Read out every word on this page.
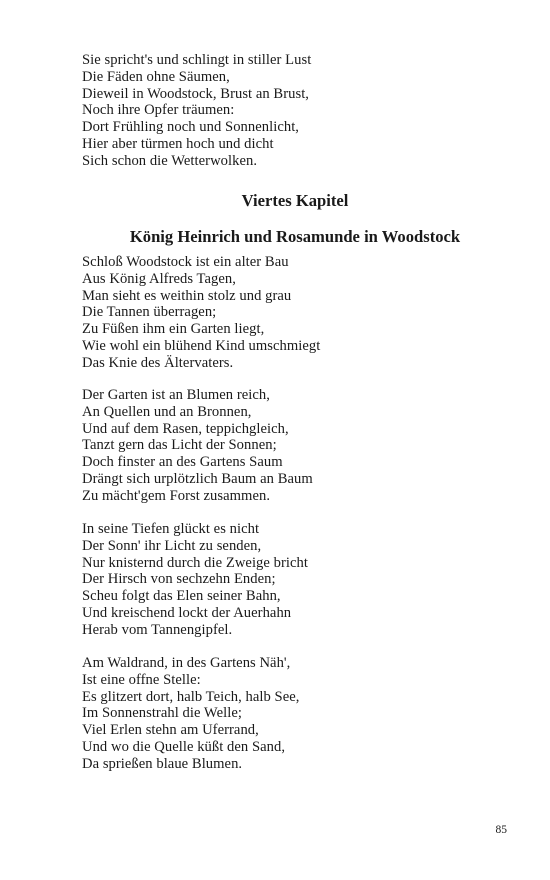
Sie spricht's und schlingt in stiller Lust
Die Fäden ohne Säumen,
Dieweil in Woodstock, Brust an Brust,
Noch ihre Opfer träumen:
Dort Frühling noch und Sonnenlicht,
Hier aber türmen hoch und dicht
Sich schon die Wetterwolken.
Viertes Kapitel
König Heinrich und Rosamunde in Woodstock
Schloß Woodstock ist ein alter Bau
Aus König Alfreds Tagen,
Man sieht es weithin stolz und grau
Die Tannen überragen;
Zu Füßen ihm ein Garten liegt,
Wie wohl ein blühend Kind umschmiegt
Das Knie des Ältervaters.
Der Garten ist an Blumen reich,
An Quellen und an Bronnen,
Und auf dem Rasen, teppichgleich,
Tanzt gern das Licht der Sonnen;
Doch finster an des Gartens Saum
Drängt sich urplötzlich Baum an Baum
Zu mächt'gem Forst zusammen.
In seine Tiefen glückt es nicht
Der Sonn' ihr Licht zu senden,
Nur knisternd durch die Zweige bricht
Der Hirsch von sechzehn Enden;
Scheu folgt das Elen seiner Bahn,
Und kreischend lockt der Auerhahn
Herab vom Tannengipfel.
Am Waldrand, in des Gartens Näh',
Ist eine offne Stelle:
Es glitzert dort, halb Teich, halb See,
Im Sonnenstrahl die Welle;
Viel Erlen stehn am Uferrand,
Und wo die Quelle küßt den Sand,
Da sprießen blaue Blumen.
85
